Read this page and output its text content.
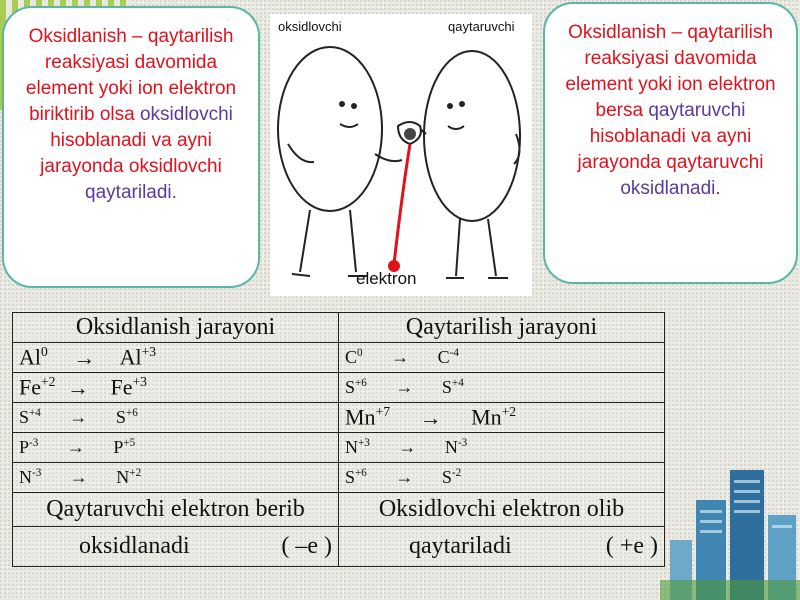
Oksidlanish – qaytarilish reaksiyasi davomida element yoki ion elektron biriktirib olsa oksidlovchi hisoblanadi va ayni jarayonda oksidlovchi qaytariladi.
oksidlovchi	qaytaruvchi
elektron
Oksidlanish – qaytarilish reaksiyasi davomida element yoki ion elektron bersa qaytaruvchi hisoblanadi va ayni jarayonda qaytaruvchi oksidlanadi.
Oksidlanish jarayoni	Qaytarilish jarayoni
$Al^0 \to Al^{+3}$	$C^0 \to C^{-4}$
$Fe^{+2} \to Fe^{+3}$	$S^{+6} \to S^{+4}$
$S^{+4} \to S^{+6}$	$Mn^{+7} \to Mn^{+2}$
$P^{-3} \to P^{+5}$	$N^{+3} \to N^{-3}$
$N^{-3} \to N^{+2}$	$S^{+6} \to S^{-2}$
Qaytaruvchi elektron berib	Oksidlovchi elektron olib
oksidlanadi ( –e )	qaytariladi ( +e )
